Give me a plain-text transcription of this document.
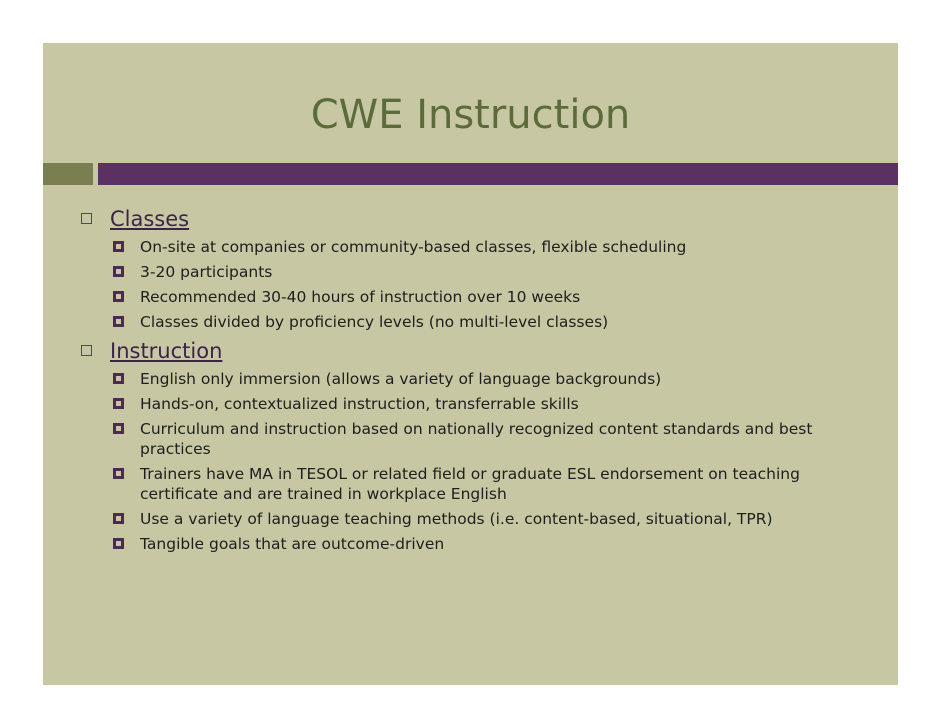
CWE Instruction
Classes
On-site at companies or community-based classes, flexible scheduling
3-20 participants
Recommended 30-40 hours of instruction over 10 weeks
Classes divided by proficiency levels (no multi-level classes)
Instruction
English only immersion (allows a variety of language backgrounds)
Hands-on, contextualized instruction, transferrable skills
Curriculum and instruction based on nationally recognized content standards and best practices
Trainers have MA in TESOL or related field or graduate ESL endorsement on teaching certificate and are trained in workplace English
Use a variety of language teaching methods (i.e. content-based, situational, TPR)
Tangible goals that are outcome-driven
